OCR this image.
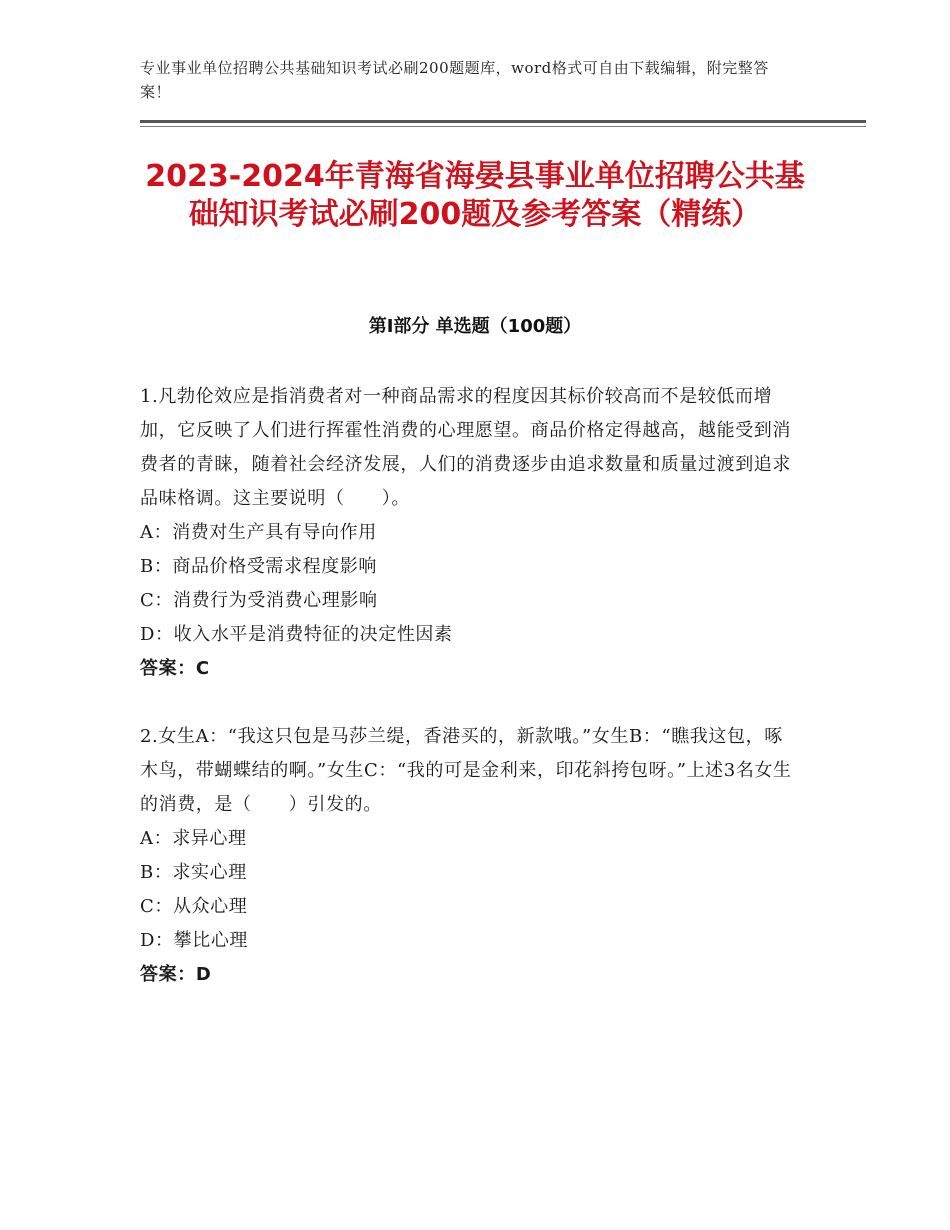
专业事业单位招聘公共基础知识考试必刷200题题库，word格式可自由下载编辑，附完整答案！
2023-2024年青海省海晏县事业单位招聘公共基础知识考试必刷200题及参考答案（精练）
第Ⅰ部分 单选题（100题）

1.凡勃伦效应是指消费者对一种商品需求的程度因其标价较高而不是较低而增加，它反映了人们进行挥霍性消费的心理愿望。商品价格定得越高，越能受到消费者的青睐，随着社会经济发展，人们的消费逐步由追求数量和质量过渡到追求品味格调。这主要说明（　　）。

A：消费对生产具有导向作用

B：商品价格受需求程度影响

C：消费行为受消费心理影响

D：收入水平是消费特征的决定性因素

答案：C

2.女生A：“我这只包是马莎兰缇，香港买的，新款哦。”女生B：“瞧我这包，啄木鸟，带蝴蝶结的啊。”女生C：“我的可是金利来，印花斜挎包呀。”上述3名女生的消费，是（　　）引发的。

A：求异心理

B：求实心理

C：从众心理

D：攀比心理

答案：D
